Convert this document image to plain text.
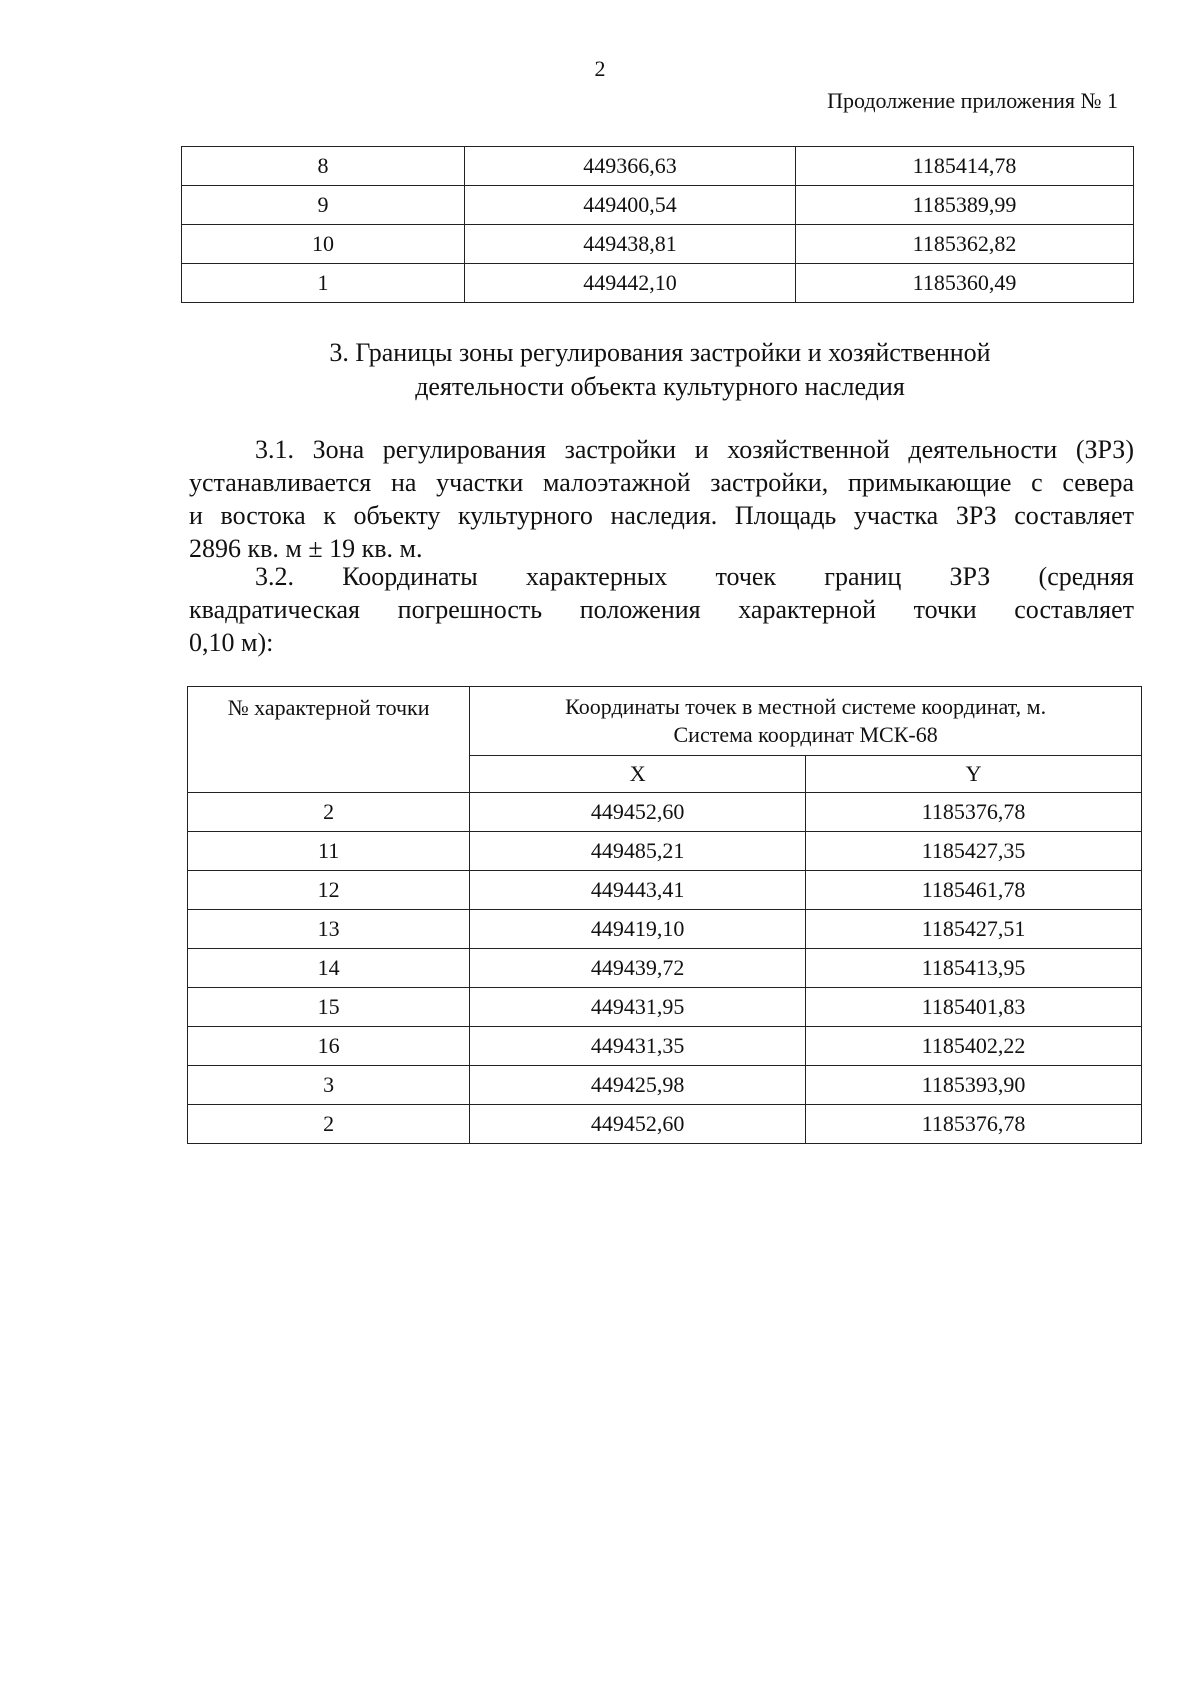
2
Продолжение приложения № 1
8	449366,63	1185414,78
9	449400,54	1185389,99
10	449438,81	1185362,82
1	449442,10	1185360,49
3. Границы зоны регулирования застройки и хозяйственной
деятельности объекта культурного наследия
3.1. Зона регулирования застройки и хозяйственной деятельности (ЗРЗ)
устанавливается на участки малоэтажной застройки, примыкающие с севера
и востока к объекту культурного наследия. Площадь участка ЗРЗ составляет
2896 кв. м ± 19 кв. м.
3.2. Координаты характерных точек границ ЗРЗ (средняя
квадратическая погрешность положения характерной точки составляет
0,10 м):
№ характерной точки	Координаты точек в местной системе координат, м.
Система координат МСК-68	

	X	Y
2	449452,60	1185376,78
11	449485,21	1185427,35
12	449443,41	1185461,78
13	449419,10	1185427,51
14	449439,72	1185413,95
15	449431,95	1185401,83
16	449431,35	1185402,22
3	449425,98	1185393,90
2	449452,60	1185376,78
